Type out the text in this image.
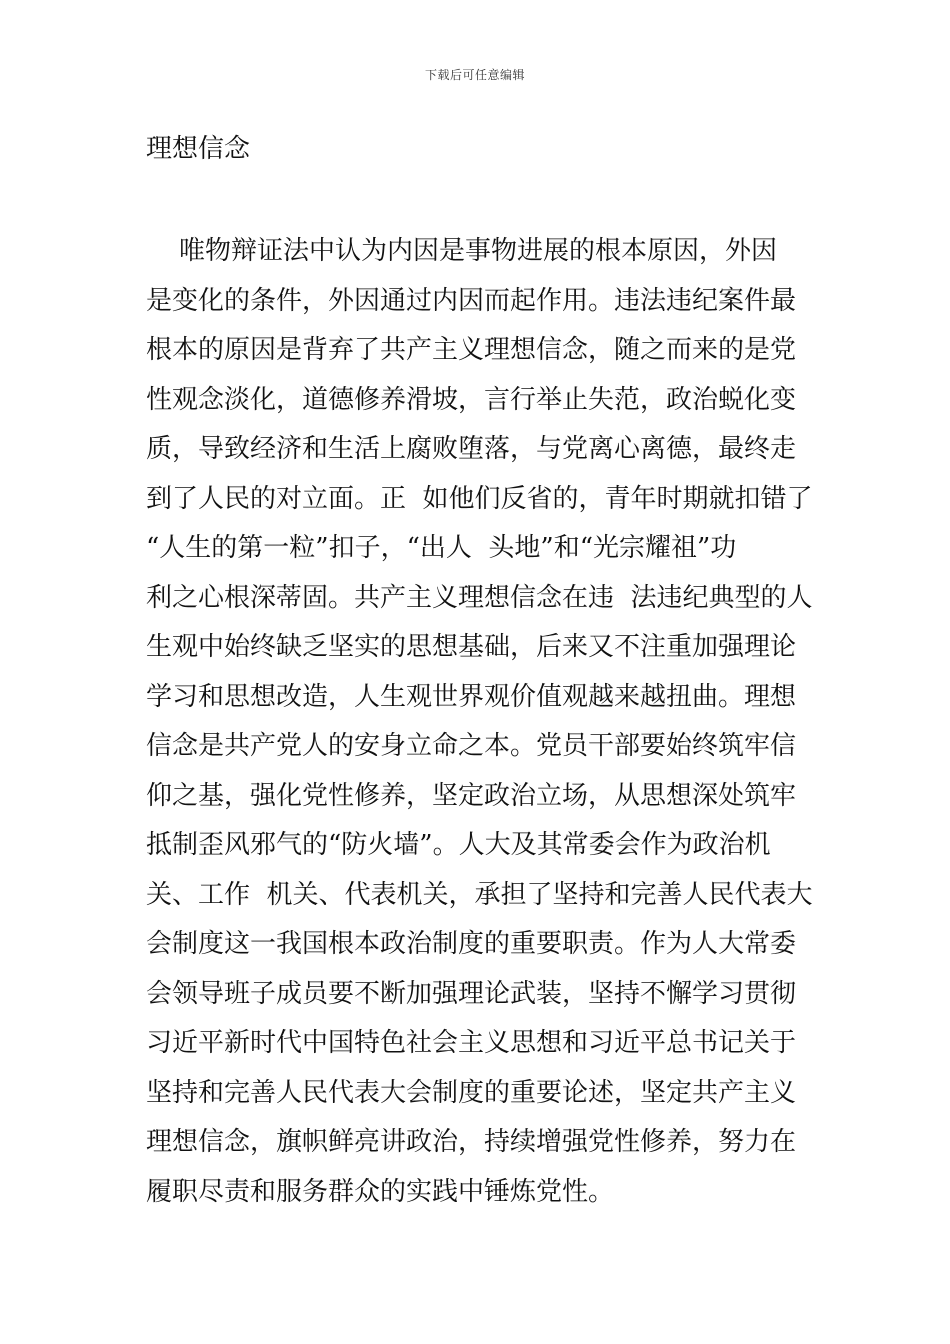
下载后可任意编辑
理想信念
唯物辩证法中认为内因是事物进展的根本原因，外因
是变化的条件，外因通过内因而起作用。违法违纪案件最
根本的原因是背弃了共产主义理想信念，随之而来的是党
性观念淡化，道德修养滑坡，言行举止失范，政治蜕化变
质，导致经济和生活上腐败堕落，与党离心离德，最终走
到了人民的对立面。正  如他们反省的，青年时期就扣错了
“人生的第一粒”扣子，“出人  头地”和“光宗耀祖”功
利之心根深蒂固。共产主义理想信念在违  法违纪典型的人
生观中始终缺乏坚实的思想基础，后来又不注重加强理论
学习和思想改造，人生观世界观价值观越来越扭曲。理想
信念是共产党人的安身立命之本。党员干部要始终筑牢信
仰之基，强化党性修养，坚定政治立场，从思想深处筑牢
抵制歪风邪气的“防火墙”。人大及其常委会作为政治机
关、工作  机关、代表机关，承担了坚持和完善人民代表大
会制度这一我国根本政治制度的重要职责。作为人大常委
会领导班子成员要不断加强理论武装，坚持不懈学习贯彻
习近平新时代中国特色社会主义思想和习近平总书记关于
坚持和完善人民代表大会制度的重要论述，坚定共产主义
理想信念，旗帜鲜亮讲政治，持续增强党性修养，努力在
履职尽责和服务群众的实践中锤炼党性。
